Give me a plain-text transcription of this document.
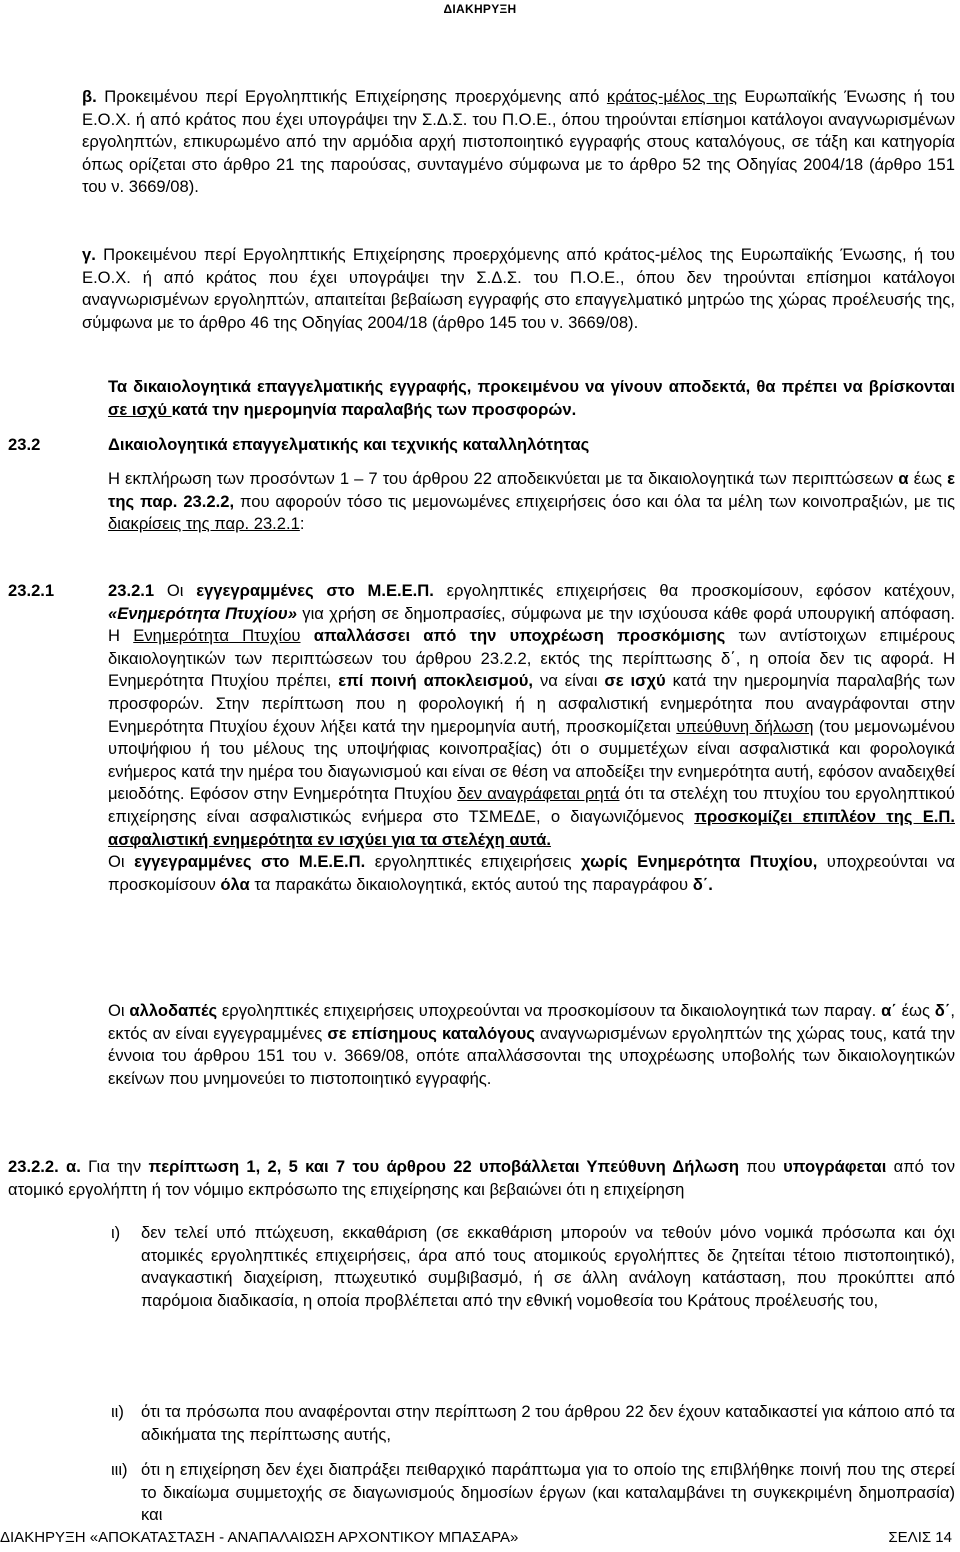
ΔΙΑΚΗΡΥΞΗ

β. Προκειμένου περί Εργοληπτικής Επιχείρησης προερχόμενης από κράτος-μέλος της Ευρωπαϊκής Ένωσης ή του Ε.Ο.Χ. ή από κράτος που έχει υπογράψει την Σ.Δ.Σ. του Π.Ο.Ε., όπου τηρούνται επίσημοι κατάλογοι αναγνωρισμένων εργοληπτών, επικυρωμένο από την αρμόδια αρχή πιστοποιητικό εγγραφής στους καταλόγους, σε τάξη και κατηγορία όπως ορίζεται στο άρθρο 21 της παρούσας, συνταγμένο σύμφωνα με το άρθρο 52 της Οδηγίας 2004/18 (άρθρο 151 του ν. 3669/08).

γ. Προκειμένου περί Εργοληπτικής Επιχείρησης προερχόμενης από κράτος-μέλος της Ευρωπαϊκής Ένωσης, ή του Ε.Ο.Χ. ή από κράτος που έχει υπογράψει την Σ.Δ.Σ. του Π.Ο.Ε., όπου δεν τηρούνται επίσημοι κατάλογοι αναγνωρισμένων εργοληπτών, απαιτείται βεβαίωση εγγραφής στο επαγγελματικό μητρώο της χώρας προέλευσής της, σύμφωνα με το άρθρο 46 της Οδηγίας 2004/18 (άρθρο 145 του ν. 3669/08).

Τα δικαιολογητικά επαγγελματικής εγγραφής, προκειμένου να γίνουν αποδεκτά, θα πρέπει να βρίσκονται σε ισχύ κατά την ημερομηνία παραλαβής των προσφορών.

23.2	Δικαιολογητικά επαγγελματικής και τεχνικής καταλληλότητας

Η εκπλήρωση των προσόντων 1 – 7 του άρθρου 22 αποδεικνύεται με τα δικαιολογητικά των περιπτώσεων α έως ε της παρ. 23.2.2, που αφορούν τόσο τις μεμονωμένες επιχειρήσεις όσο και όλα τα μέλη των κοινοπραξιών, με τις διακρίσεις της παρ. 23.2.1:

23.2.1	23.2.1 Οι εγγεγραμμένες στο Μ.Ε.Ε.Π. εργοληπτικές επιχειρήσεις θα προσκομίσουν, εφόσον κατέχουν, «Ενημερότητα Πτυχίου» για χρήση σε δημοπρασίες, σύμφωνα με την ισχύουσα κάθε φορά υπουργική απόφαση. Η Ενημερότητα Πτυχίου απαλλάσσει από την υποχρέωση προσκόμισης των αντίστοιχων επιμέρους δικαιολογητικών των περιπτώσεων του άρθρου 23.2.2, εκτός της περίπτωσης δ΄, η οποία δεν τις αφορά. Η Ενημερότητα Πτυχίου πρέπει, επί ποινή αποκλεισμού, να είναι σε ισχύ κατά την ημερομηνία παραλαβής των προσφορών. Στην περίπτωση που η φορολογική ή η ασφαλιστική ενημερότητα που αναγράφονται στην Ενημερότητα Πτυχίου έχουν λήξει κατά την ημερομηνία αυτή, προσκομίζεται υπεύθυνη δήλωση (του μεμονωμένου υποψήφιου ή του μέλους της υποψήφιας κοινοπραξίας) ότι ο συμμετέχων είναι ασφαλιστικά και φορολογικά ενήμερος κατά την ημέρα του διαγωνισμού και είναι σε θέση να αποδείξει την ενημερότητα αυτή, εφόσον αναδειχθεί μειοδότης. Εφόσον στην Ενημερότητα Πτυχίου δεν αναγράφεται ρητά ότι τα στελέχη του πτυχίου του εργοληπτικού επιχείρησης είναι ασφαλιστικώς ενήμερα στο ΤΣΜΕΔΕ, ο διαγωνιζόμενος προσκομίζει επιπλέον της Ε.Π. ασφαλιστική ενημερότητα εν ισχύει για τα στελέχη αυτά.

Οι εγγεγραμμένες στο Μ.Ε.Ε.Π. εργοληπτικές επιχειρήσεις χωρίς Ενημερότητα Πτυχίου, υποχρεούνται να προσκομίσουν όλα τα παρακάτω δικαιολογητικά, εκτός αυτού της παραγράφου δ΄.

Οι αλλοδαπές εργοληπτικές επιχειρήσεις υποχρεούνται να προσκομίσουν τα δικαιολογητικά των παραγ. α΄ έως δ΄, εκτός αν είναι εγγεγραμμένες σε επίσημους καταλόγους αναγνωρισμένων εργοληπτών της χώρας τους, κατά την έννοια του άρθρου 151 του ν. 3669/08, οπότε απαλλάσσονται της υποχρέωσης υποβολής των δικαιολογητικών εκείνων που μνημονεύει το πιστοποιητικό εγγραφής.

23.2.2. α. Για την περίπτωση 1, 2, 5 και 7 του άρθρου 22 υποβάλλεται Υπεύθυνη Δήλωση που υπογράφεται από τον ατομικό εργολήπτη ή τον νόμιμο εκπρόσωπο της επιχείρησης και βεβαιώνει ότι η επιχείρηση

ι) δεν τελεί υπό πτώχευση, εκκαθάριση (σε εκκαθάριση μπορούν να τεθούν μόνο νομικά πρόσωπα και όχι ατομικές εργοληπτικές επιχειρήσεις, άρα από τους ατομικούς εργολήπτες δε ζητείται τέτοιο πιστοποιητικό), αναγκαστική διαχείριση, πτωχευτικό συμβιβασμό, ή σε άλλη ανάλογη κατάσταση, που προκύπτει από παρόμοια διαδικασία, η οποία προβλέπεται από την εθνική νομοθεσία του Κράτους προέλευσής του,
ιι) ότι τα πρόσωπα που αναφέρονται στην περίπτωση 2 του άρθρου 22 δεν έχουν καταδικαστεί για κάποιο από τα αδικήματα της περίπτωσης αυτής,
ιιι) ότι η επιχείρηση δεν έχει διαπράξει πειθαρχικό παράπτωμα για το οποίο της επιβλήθηκε ποινή που της στερεί το δικαίωμα συμμετοχής σε διαγωνισμούς δημοσίων έργων (και καταλαμβάνει τη συγκεκριμένη δημοπρασία) και
ΔΙΑΚΗΡΥΞΗ «ΑΠΟΚΑΤΑΣΤΑΣΗ - ΑΝΑΠΑΛΑΙΩΣΗ ΑΡΧΟΝΤΙΚΟΥ ΜΠΑΣΑΡΑ»	ΣΕΛΙΣ 14
